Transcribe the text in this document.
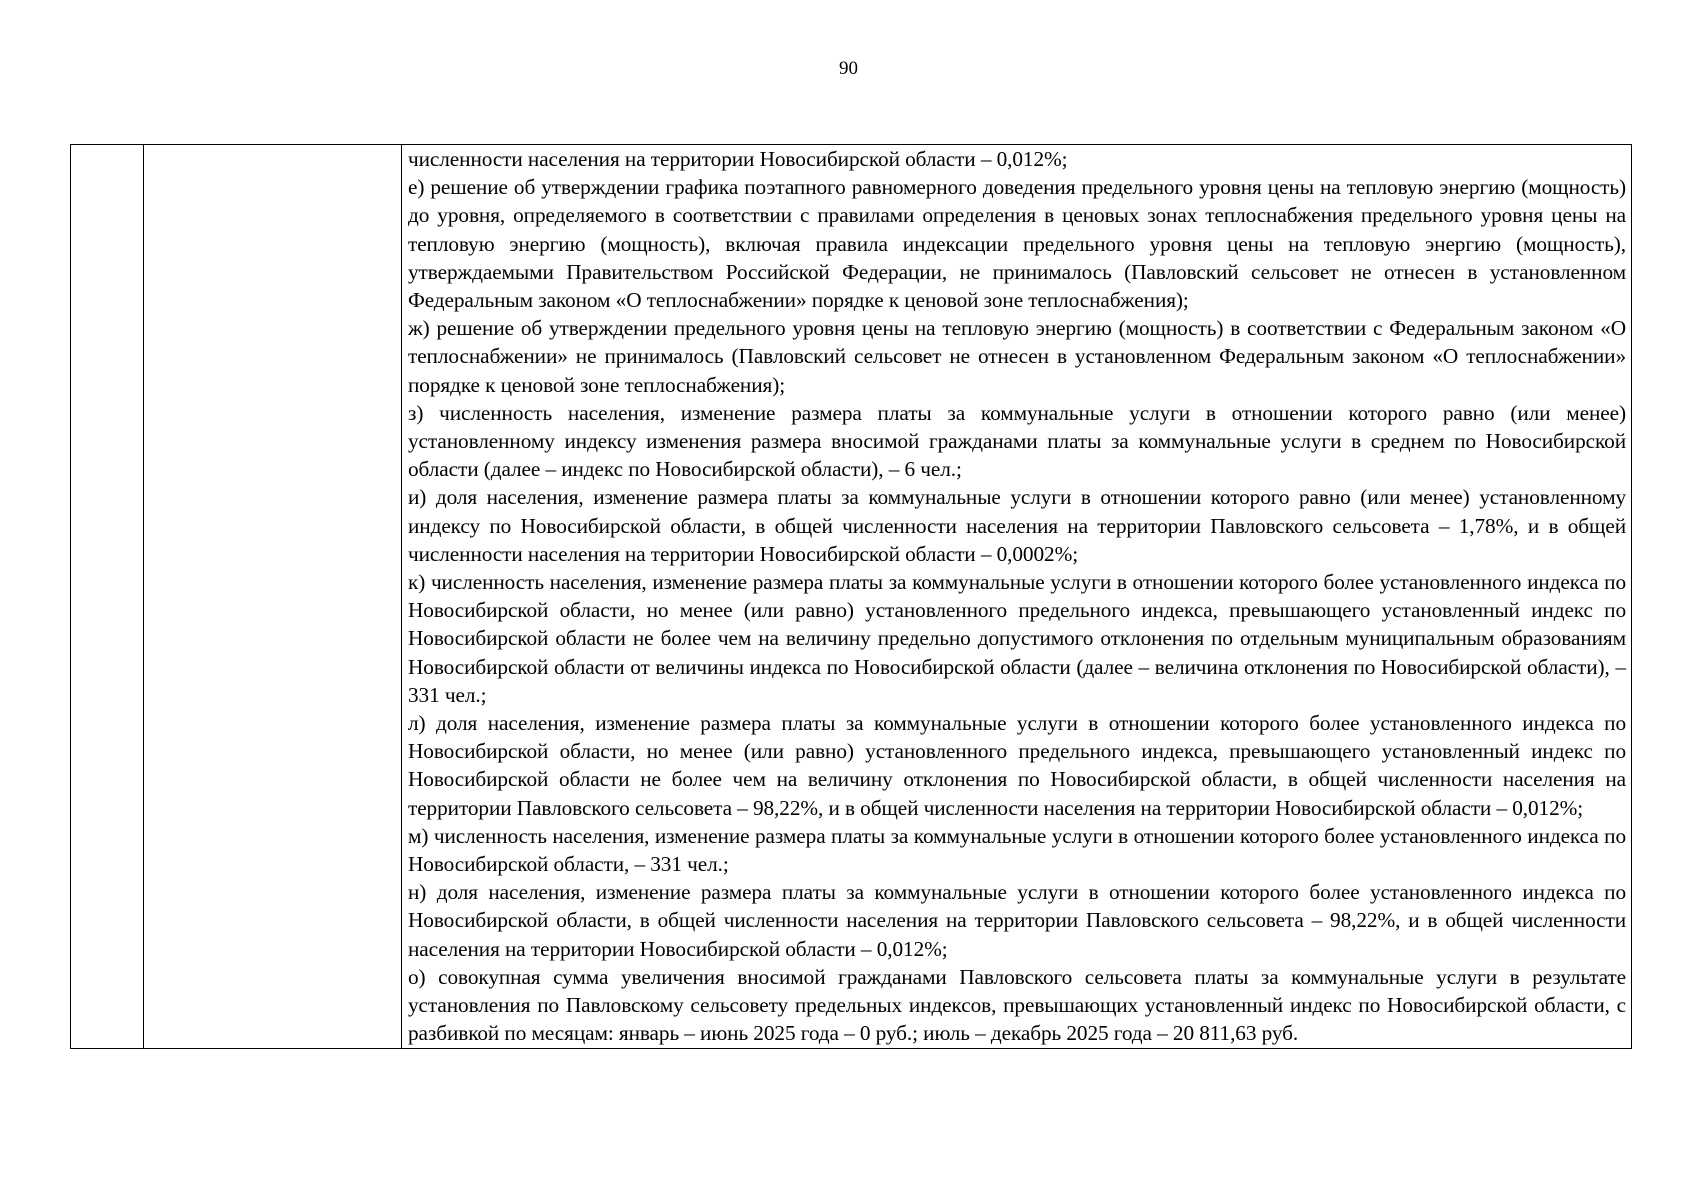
90

численности населения на территории Новосибирской области – 0,012%;

е) решение об утверждении графика поэтапного равномерного доведения предельного уровня цены на тепловую энергию (мощность) до уровня, определяемого в соответствии с правилами определения в ценовых зонах теплоснабжения предельного уровня цены на тепловую энергию (мощность), включая правила индексации предельного уровня цены на тепловую энергию (мощность), утверждаемыми Правительством Российской Федерации, не принималось (Павловский сельсовет не отнесен в установленном Федеральным законом «О теплоснабжении» порядке к ценовой зоне теплоснабжения);

ж) решение об утверждении предельного уровня цены на тепловую энергию (мощность) в соответствии с Федеральным законом «О теплоснабжении» не принималось (Павловский сельсовет не отнесен в установленном Федеральным законом «О теплоснабжении» порядке к ценовой зоне теплоснабжения);

з) численность населения, изменение размера платы за коммунальные услуги в отношении которого равно (или менее) установленному индексу изменения размера вносимой гражданами платы за коммунальные услуги в среднем по Новосибирской области (далее – индекс по Новосибирской области), – 6 чел.;

и) доля населения, изменение размера платы за коммунальные услуги в отношении которого равно (или менее) установленному индексу по Новосибирской области, в общей численности населения на территории Павловского сельсовета – 1,78%, и в общей численности населения на территории Новосибирской области – 0,0002%;

к) численность населения, изменение размера платы за коммунальные услуги в отношении которого более установленного индекса по Новосибирской области, но менее (или равно) установленного предельного индекса, превышающего установленный индекс по Новосибирской области не более чем на величину предельно допустимого отклонения по отдельным муниципальным образованиям Новосибирской области от величины индекса по Новосибирской области (далее – величина отклонения по Новосибирской области), – 331 чел.;

л) доля населения, изменение размера платы за коммунальные услуги в отношении которого более установленного индекса по Новосибирской области, но менее (или равно) установленного предельного индекса, превышающего установленный индекс по Новосибирской области не более чем на величину отклонения по Новосибирской области, в общей численности населения на территории Павловского сельсовета – 98,22%, и в общей численности населения на территории Новосибирской области – 0,012%;

м) численность населения, изменение размера платы за коммунальные услуги в отношении которого более установленного индекса по Новосибирской области, – 331 чел.;

н) доля населения, изменение размера платы за коммунальные услуги в отношении которого более установленного индекса по Новосибирской области, в общей численности населения на территории Павловского сельсовета – 98,22%, и в общей численности населения на территории Новосибирской области – 0,012%;

о) совокупная сумма увеличения вносимой гражданами Павловского сельсовета платы за коммунальные услуги в результате установления по Павловскому сельсовету предельных индексов, превышающих установленный индекс по Новосибирской области, с разбивкой по месяцам: январь – июнь 2025 года – 0 руб.; июль – декабрь 2025 года – 20 811,63 руб.
